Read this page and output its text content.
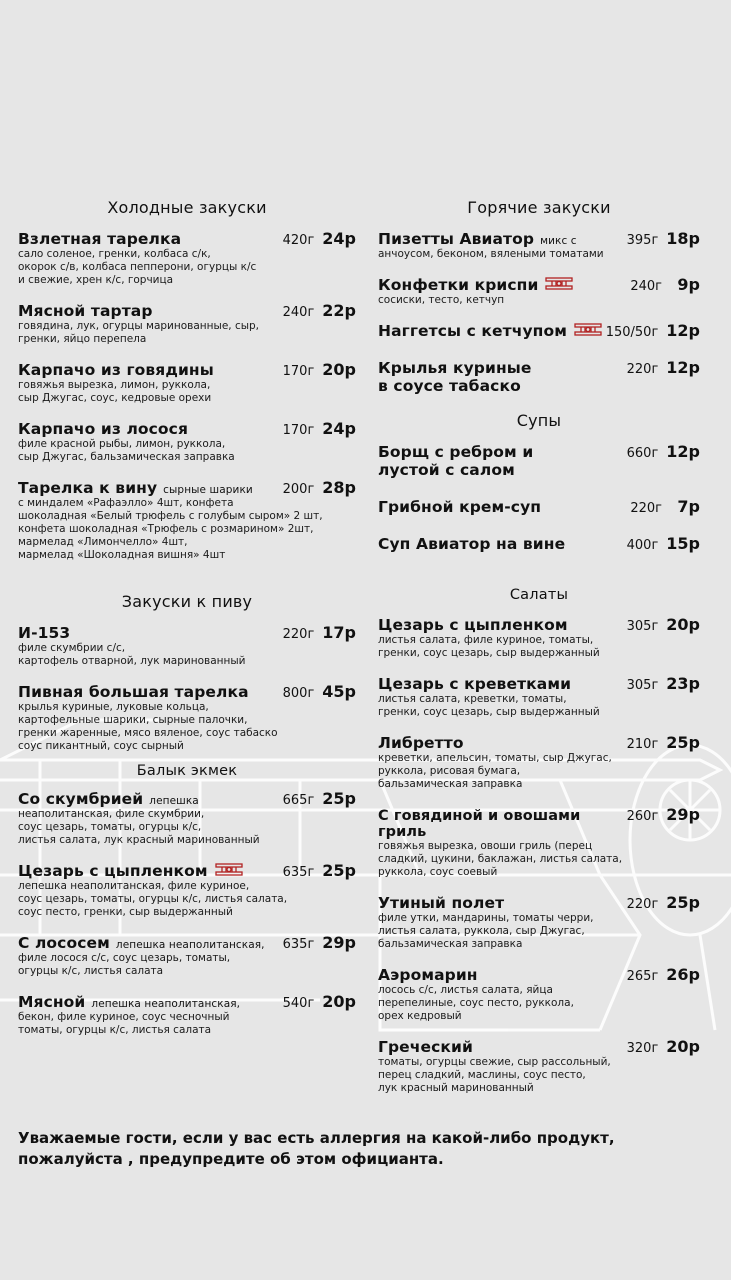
Холодные закуски
Взлетная тарелка	420г 24р
сало соленое, гренки, колбаса с/к,
окорок с/в, колбаса пепперони, огурцы к/с
и свежие, хрен к/с, горчица
Мясной тартар	240г 22р
говядина, лук, огурцы маринованные, сыр,
гренки, яйцо перепела
Карпачо из говядины	170г 20р
говяжья вырезка, лимон, руккола,
сыр Джугас, соус, кедровые орехи
Карпачо из лосося	170г 24р
филе красной рыбы, лимон, руккола,
сыр Джугас, бальзамическая заправка
Тарелка к вину сырные шарики 200г 28р
с миндалем «Рафаэлло» 4шт, конфета
шоколадная «Белый трюфель с голубым сыром» 2 шт,
конфета шоколадная «Трюфель с розмарином» 2шт,
мармелад «Лимончелло» 4шт,
мармелад «Шоколадная вишня» 4шт
Закуски к пиву
И-153	220г 17р
филе скумбрии с/с,
картофель отварной, лук маринованный
Пивная большая тарелка	800г 45р
крылья куриные, луковые кольца,
картофельные шарики, сырные палочки,
гренки жаренные, мясо вяленое, соус табаско
соус пикантный, соус сырный
Балык экмек
Со скумбрией лепешка	665г 25р
неаполитанская, филе скумбрии,
соус цезарь, томаты, огурцы к/с,
листья салата, лук красный маринованный
Цезарь с цыпленком	635г 25р
лепешка неаполитанская, филе куриное,
соус цезарь, томаты, огурцы к/с, листья салата,
соус песто, гренки, сыр выдержанный
С лососем лепешка неаполитанская, 635г 29р
филе лосося с/с, соус цезарь, томаты,
огурцы к/с, листья салата
Мясной лепешка неаполитанская,	540г 20р
бекон, филе куриное, соус чесночный
томаты, огурцы к/с, листья салата
Горячие закуски
Пизетты Авиатор микс с	395г 18р
анчоусом, беконом, вялеными томатами
Конфетки криспи	240г 9р
сосиски, тесто, кетчуп
Наггетсы с кетчупом	150/50г 12р
Крылья куриные	220г 12р
в соусе табаско
Супы
Борщ с ребром и	660г 12р
лустой с салом
Грибной крем-суп	220г 7р
Суп Авиатор на вине	400г 15р
Салаты
Цезарь с цыпленком	305г 20р
листья салата, филе куриное, томаты,
гренки, соус цезарь, сыр выдержанный
Цезарь с креветками	305г 23р
листья салата, креветки, томаты,
гренки, соус цезарь, сыр выдержанный
Либретто	210г 25р
креветки, апельсин, томаты, сыр Джугас,
руккола, рисовая бумага,
бальзамическая заправка
С говядиной и овошами гриль
260г 29р
говяжья вырезка, овоши гриль (перец
сладкий, цукини, баклажан, листья салата,
руккола, соус соевый
Утиный полет	220г 25р
филе утки, мандарины, томаты черри,
листья салата, руккола, сыр Джугас,
бальзамическая заправка
Аэромарин	265г 26р
лосось с/с, листья салата, яйца
перепелиные, соус песто, руккола,
орех кедровый
Греческий	320г 20р
томаты, огурцы свежие, сыр рассольный,
перец сладкий, маслины, соус песто,
лук красный маринованный
Уважаемые гости, если у вас есть аллергия на какой-либо продукт,
пожалуйста , предупредите об этом официанта.
